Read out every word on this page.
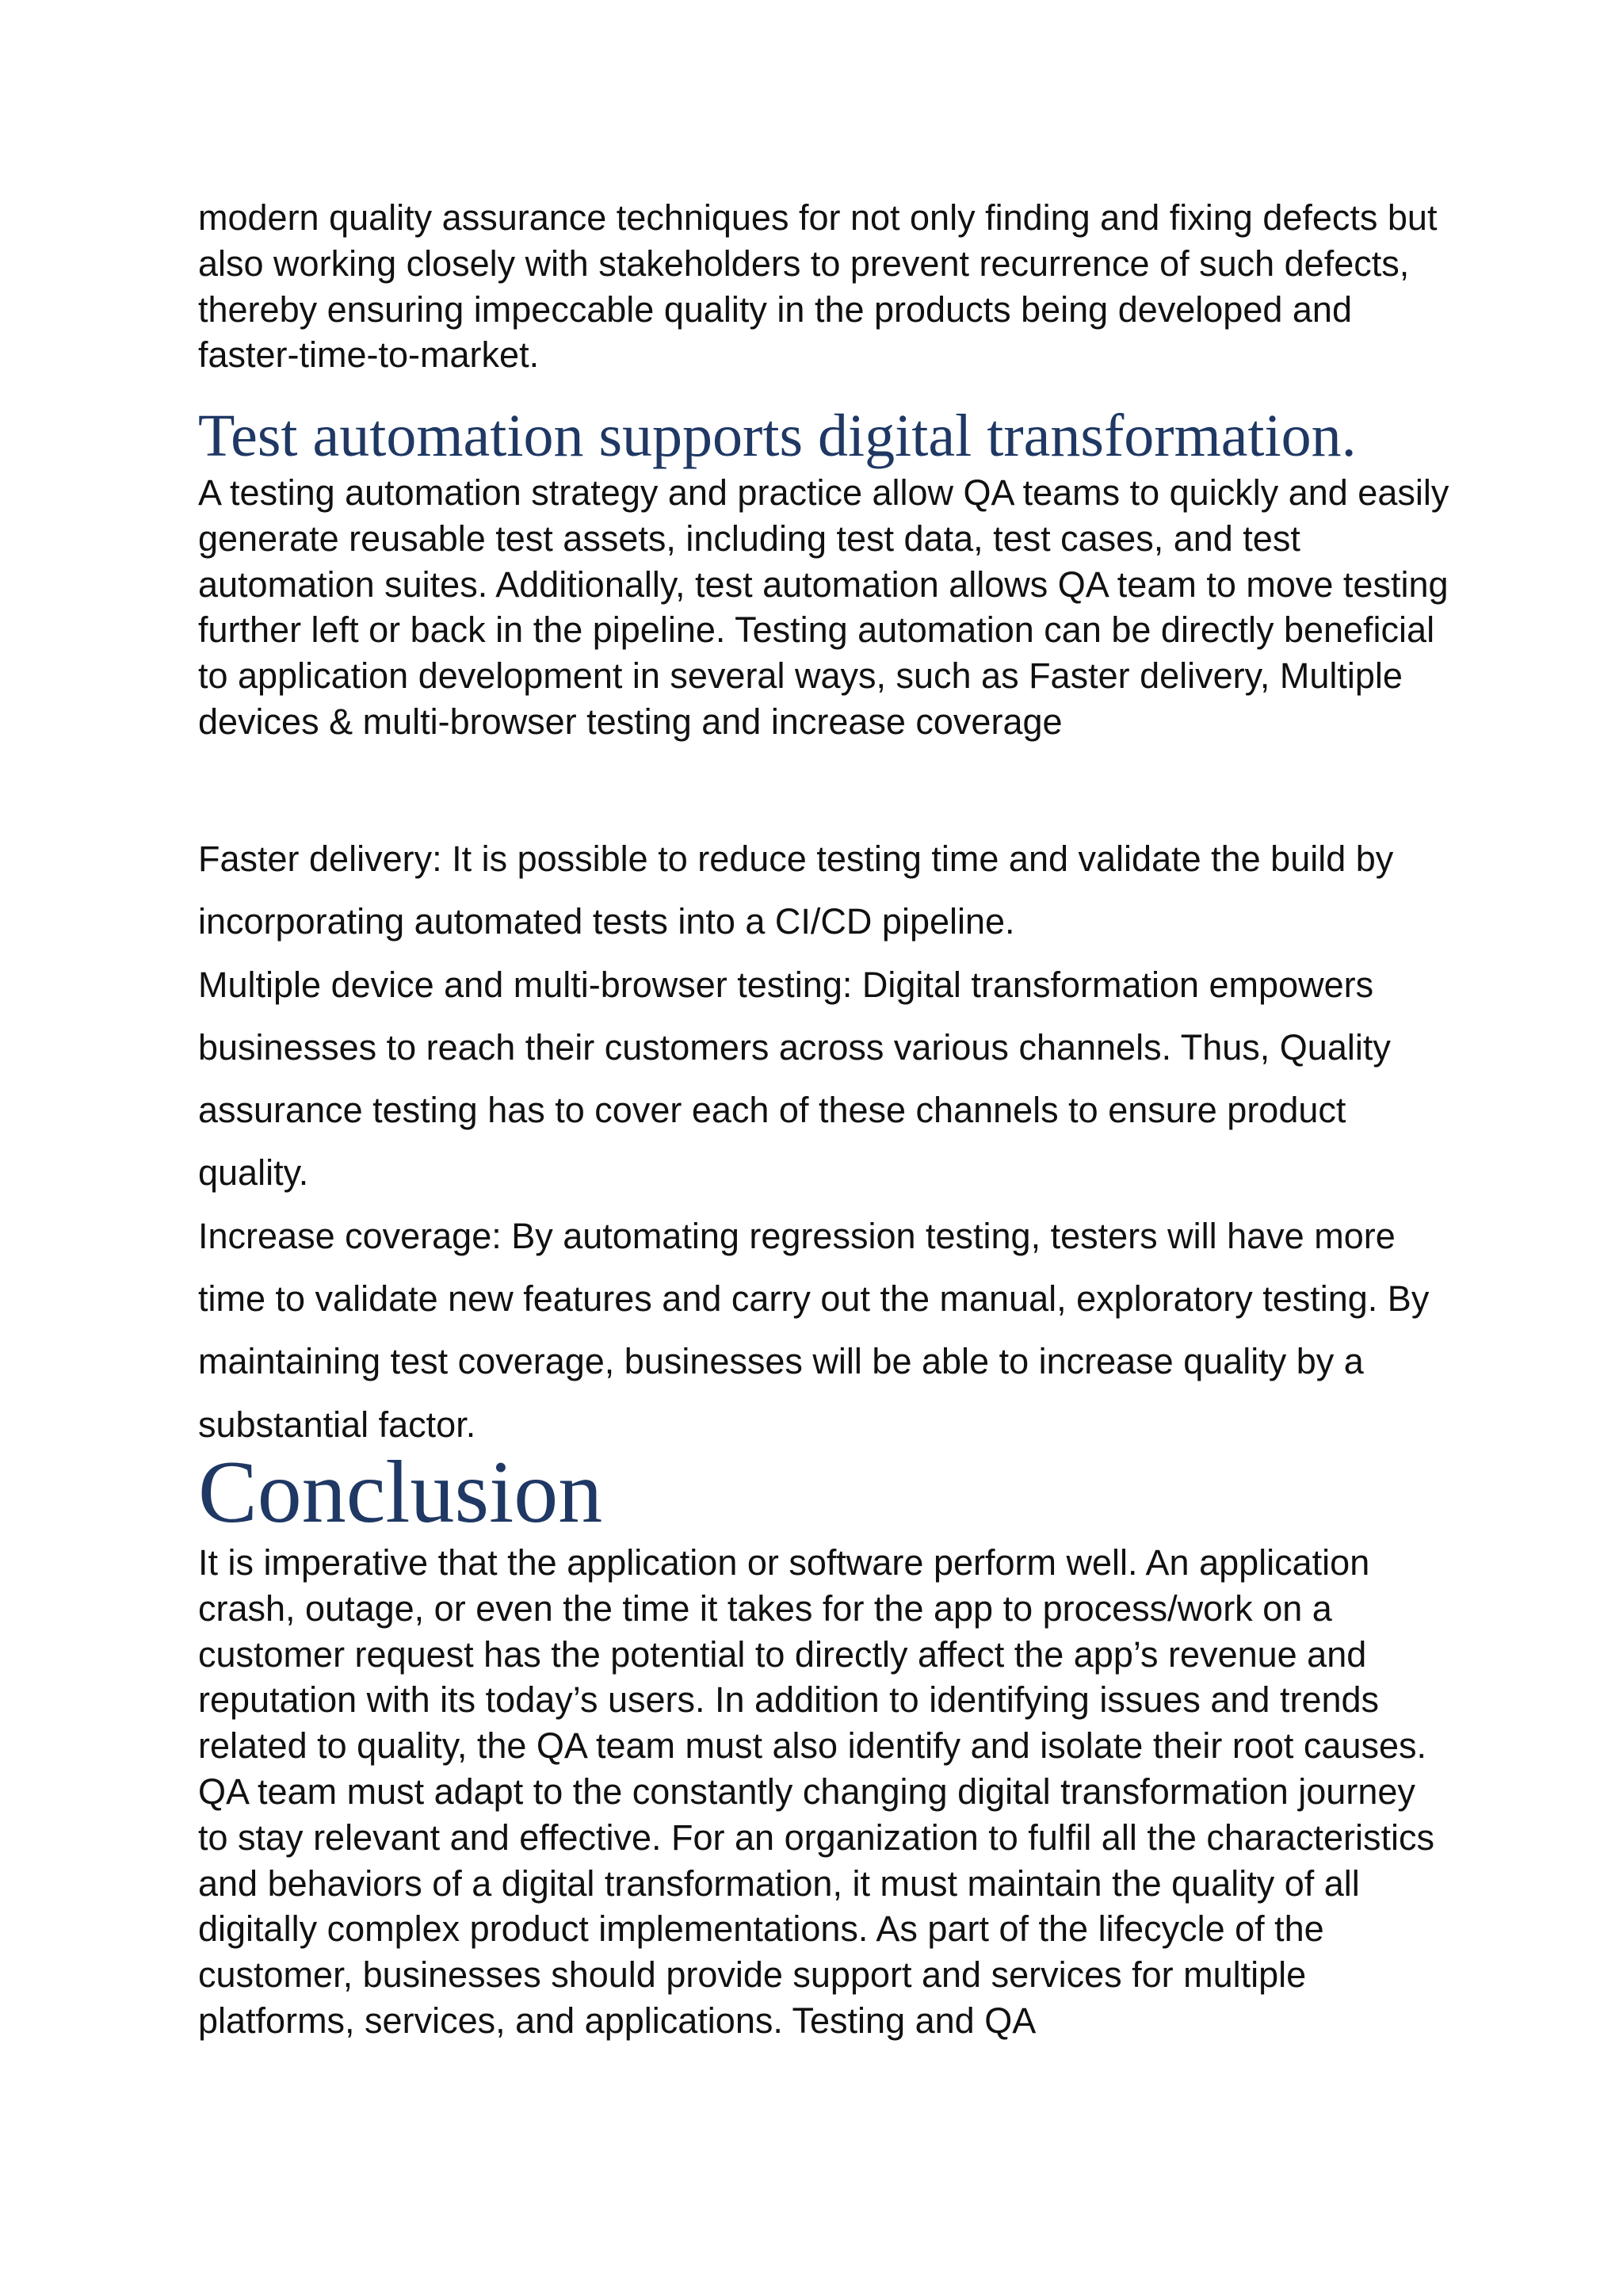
modern quality assurance techniques for not only finding and fixing defects but also working closely with stakeholders to prevent recurrence of such defects, thereby ensuring impeccable quality in the products being developed and faster-time-to-market.

Test automation supports digital transformation.

A testing automation strategy and practice allow QA teams to quickly and easily generate reusable test assets, including test data, test cases, and test automation suites. Additionally, test automation allows QA team to move testing further left or back in the pipeline. Testing automation can be directly beneficial to application development in several ways, such as Faster delivery, Multiple devices & multi-browser testing and increase coverage

Faster delivery: It is possible to reduce testing time and validate the build by incorporating automated tests into a CI/CD pipeline.

Multiple device and multi-browser testing: Digital transformation empowers businesses to reach their customers across various channels. Thus, Quality assurance testing has to cover each of these channels to ensure product quality.

Increase coverage: By automating regression testing, testers will have more time to validate new features and carry out the manual, exploratory testing. By maintaining test coverage, businesses will be able to increase quality by a substantial factor.

Conclusion

It is imperative that the application or software perform well. An application crash, outage, or even the time it takes for the app to process/work on a customer request has the potential to directly affect the app’s revenue and reputation with its today’s users. In addition to identifying issues and trends related to quality, the QA team must also identify and isolate their root causes. QA team must adapt to the constantly changing digital transformation journey to stay relevant and effective. For an organization to fulfil all the characteristics and behaviors of a digital transformation, it must maintain the quality of all digitally complex product implementations. As part of the lifecycle of the customer, businesses should provide support and services for multiple platforms, services, and applications. Testing and QA
